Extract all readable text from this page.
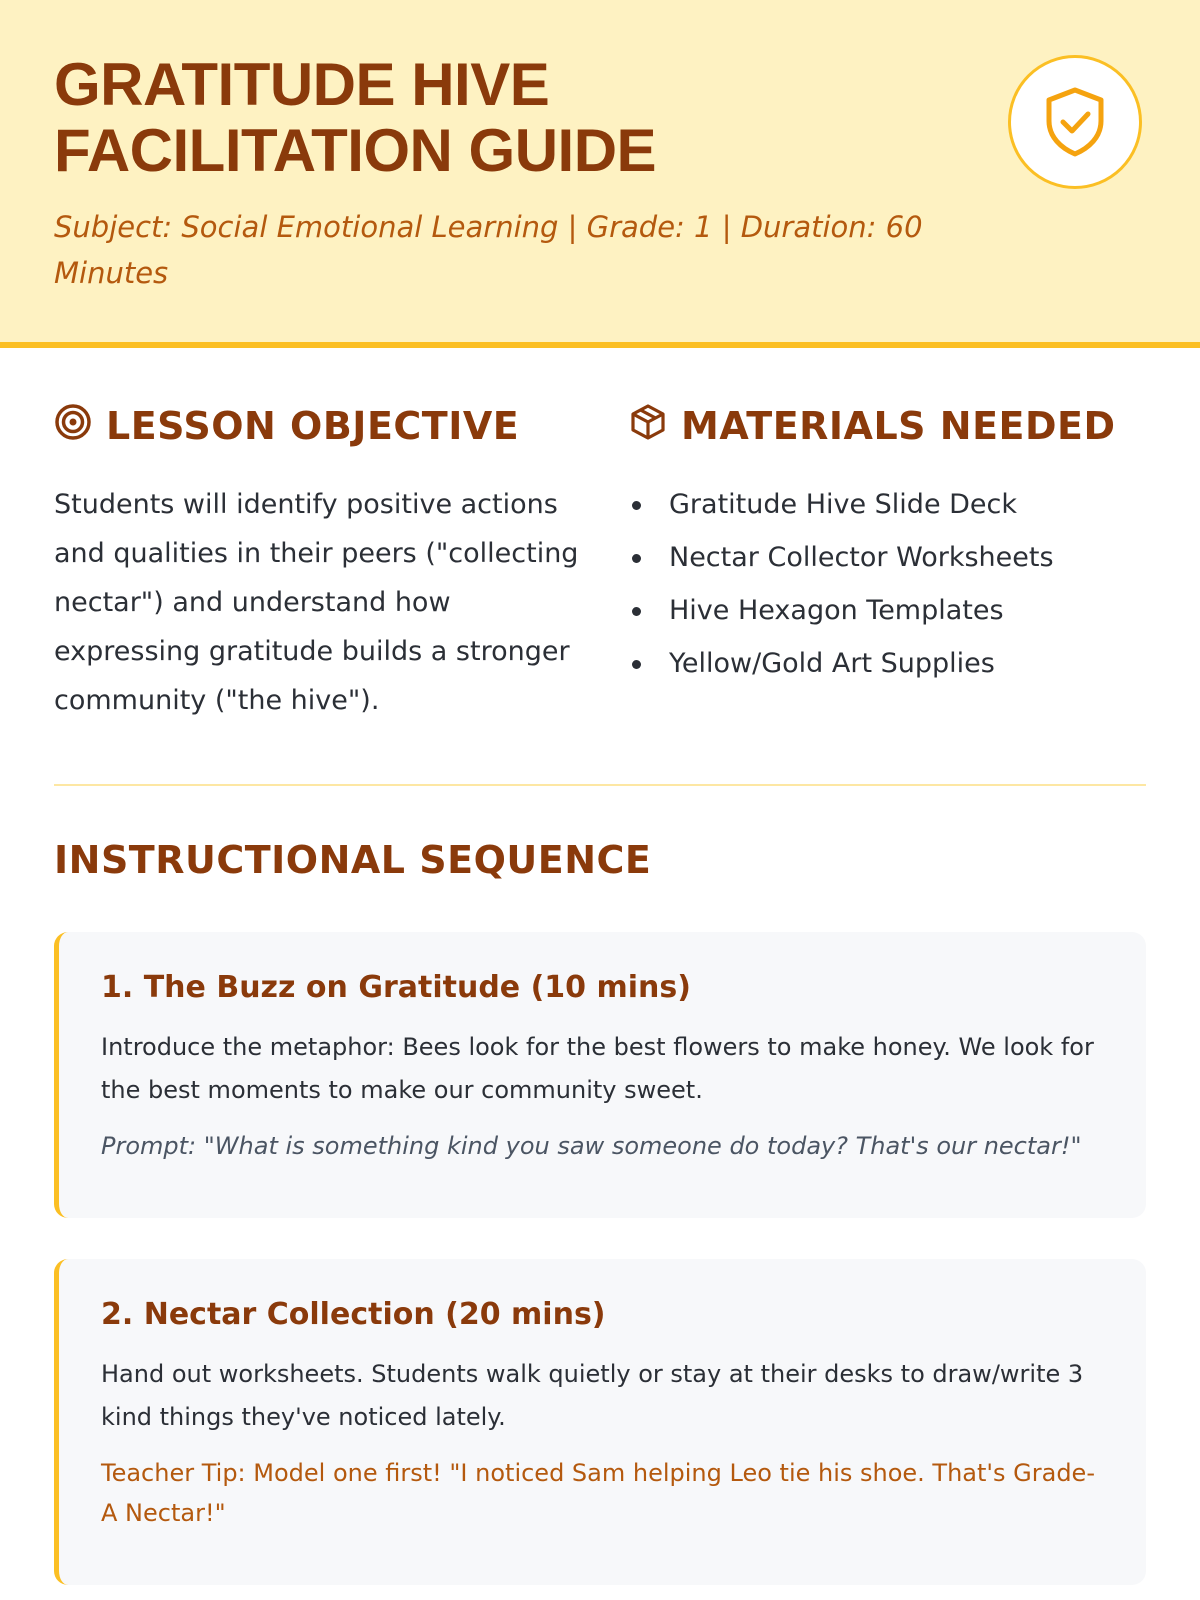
GRATITUDE HIVE
FACILITATION GUIDE

Subject: Social Emotional Learning | Grade: 1 | Duration: 60 Minutes

LESSON OBJECTIVE

Students will identify positive actions and qualities in their peers ("collecting nectar") and understand how expressing gratitude builds a stronger community ("the hive").

MATERIALS NEEDED
Gratitude Hive Slide Deck
Nectar Collector Worksheets
Hive Hexagon Templates
Yellow/Gold Art Supplies
INSTRUCTIONAL SEQUENCE
1. The Buzz on Gratitude (10 mins)

Introduce the metaphor: Bees look for the best flowers to make honey. We look for the best moments to make our community sweet.

Prompt: "What is something kind you saw someone do today? That's our nectar!"

2. Nectar Collection (20 mins)

Hand out worksheets. Students walk quietly or stay at their desks to draw/write 3 kind things they've noticed lately.

Teacher Tip: Model one first! "I noticed Sam helping Leo tie his shoe. That's Grade-A Nectar!"
